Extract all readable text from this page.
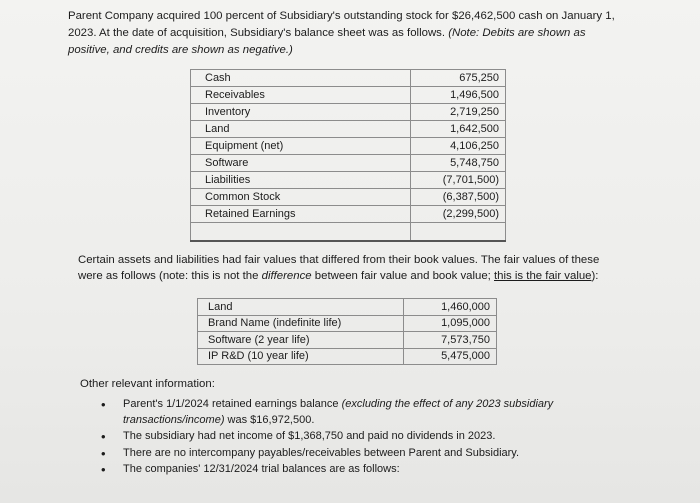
Parent Company acquired 100 percent of Subsidiary's outstanding stock for $26,462,500 cash on January 1, 2023. At the date of acquisition, Subsidiary's balance sheet was as follows. (Note: Debits are shown as positive, and credits are shown as negative.)
Cash	675,250
Receivables	1,496,500
Inventory	2,719,250
Land	1,642,500
Equipment (net)	4,106,250
Software	5,748,750
Liabilities	(7,701,500)
Common Stock	(6,387,500)
Retained Earnings	(2,299,500)

Certain assets and liabilities had fair values that differed from their book values. The fair values of these were as follows (note: this is not the difference between fair value and book value; this is the fair value):
Land	1,460,000
Brand Name (indefinite life)	1,095,000
Software (2 year life)	7,573,750
IP R&D (10 year life)	5,475,000
Other relevant information:
• Parent's 1/1/2024 retained earnings balance (excluding the effect of any 2023 subsidiary transactions/income) was $16,972,500.
• The subsidiary had net income of $1,368,750 and paid no dividends in 2023.
• There are no intercompany payables/receivables between Parent and Subsidiary.
• The companies' 12/31/2024 trial balances are as follows:
